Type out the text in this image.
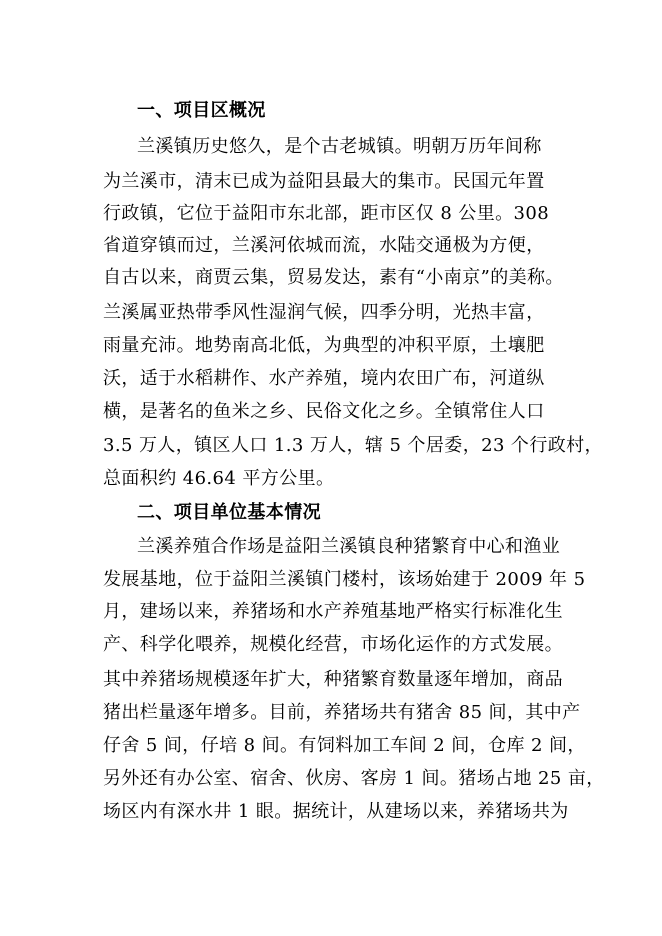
一、项目区概况
兰溪镇历史悠久，是个古老城镇。明朝万历年间称
为兰溪市，清末已成为益阳县最大的集市。民国元年置
行政镇，它位于益阳市东北部，距市区仅 8 公里。308
省道穿镇而过，兰溪河依城而流，水陆交通极为方便，
自古以来，商贾云集，贸易发达，素有“小南京”的美称。
兰溪属亚热带季风性湿润气候，四季分明，光热丰富，
雨量充沛。地势南高北低，为典型的冲积平原，土壤肥
沃，适于水稻耕作、水产养殖，境内农田广布，河道纵
横，是著名的鱼米之乡、民俗文化之乡。全镇常住人口
3.5 万人，镇区人口 1.3 万人，辖 5 个居委，23 个行政村，
总面积约 46.64 平方公里。
二、项目单位基本情况
兰溪养殖合作场是益阳兰溪镇良种猪繁育中心和渔业
发展基地，位于益阳兰溪镇门楼村，该场始建于 2009 年 5
月，建场以来，养猪场和水产养殖基地严格实行标准化生
产、科学化喂养，规模化经营，市场化运作的方式发展。
其中养猪场规模逐年扩大，种猪繁育数量逐年增加，商品
猪出栏量逐年增多。目前，养猪场共有猪舍 85 间，其中产
仔舍 5 间，仔培 8 间。有饲料加工车间 2 间，仓库 2 间，
另外还有办公室、宿舍、伙房、客房 1 间。猪场占地 25 亩，
场区内有深水井 1 眼。据统计，从建场以来，养猪场共为
